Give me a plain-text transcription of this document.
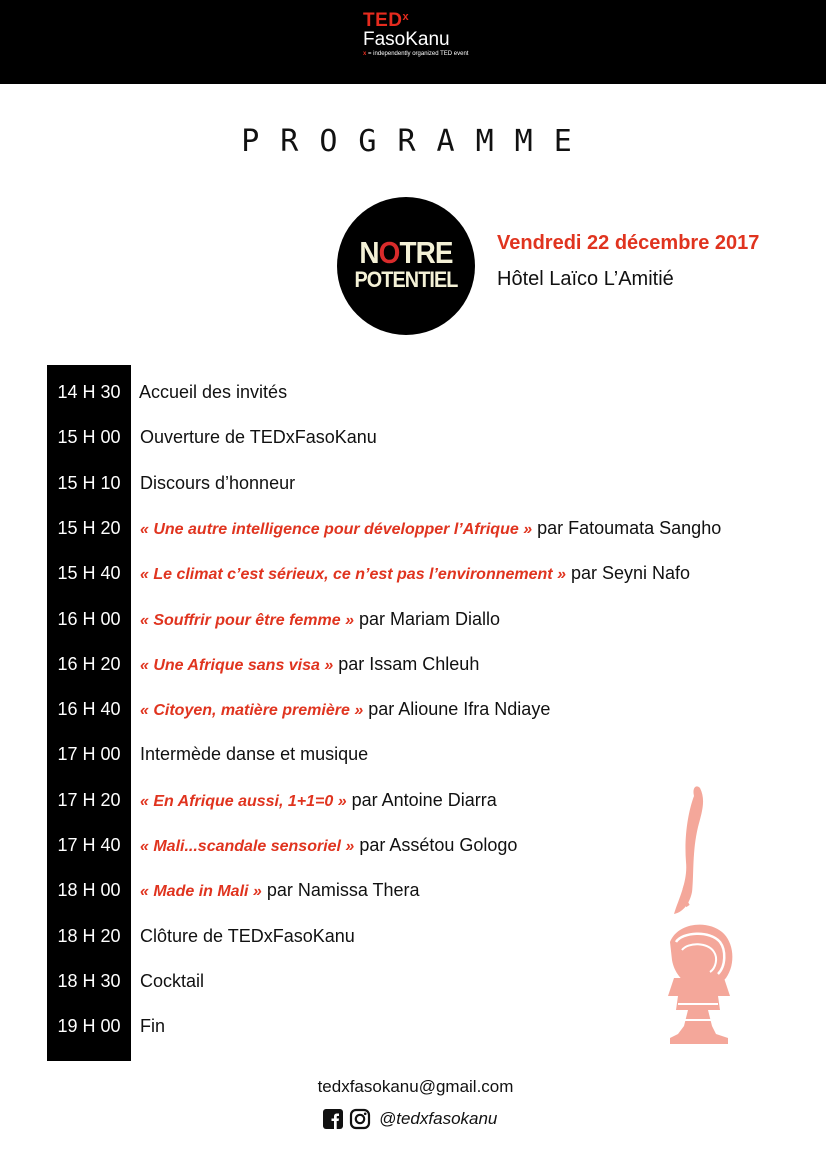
TED$^x$
FasoKanu
x = independently organized TED event
PROGRAMME
NOTRE
POTENTIEL
Vendredi 22 décembre 2017
Hôtel Laïco L’Amitié
14 H 30	Accueil des invités
15 H 00	Ouverture de TEDxFasoKanu
15 H 10	Discours d’honneur
15 H 20	« Une autre intelligence pour développer l’Afrique » par Fatoumata Sangho
15 H 40	« Le climat c’est sérieux, ce n’est pas l’environnement » par Seyni Nafo
16 H 00	« Souffrir pour être femme » par Mariam Diallo
16 H 20	« Une Afrique sans visa » par Issam Chleuh
16 H 40	« Citoyen, matière première » par Alioune Ifra Ndiaye
17 H 00	Intermède danse et musique
17 H 20	« En Afrique aussi, 1+1=0 » par Antoine Diarra
17 H 40	« Mali...scandale sensoriel » par Assétou Gologo
18 H 00	« Made in Mali » par Namissa Thera
18 H 20	Clôture de TEDxFasoKanu
18 H 30	Cocktail
19 H 00	Fin
tedxfasokanu@gmail.com
@tedxfasokanu
